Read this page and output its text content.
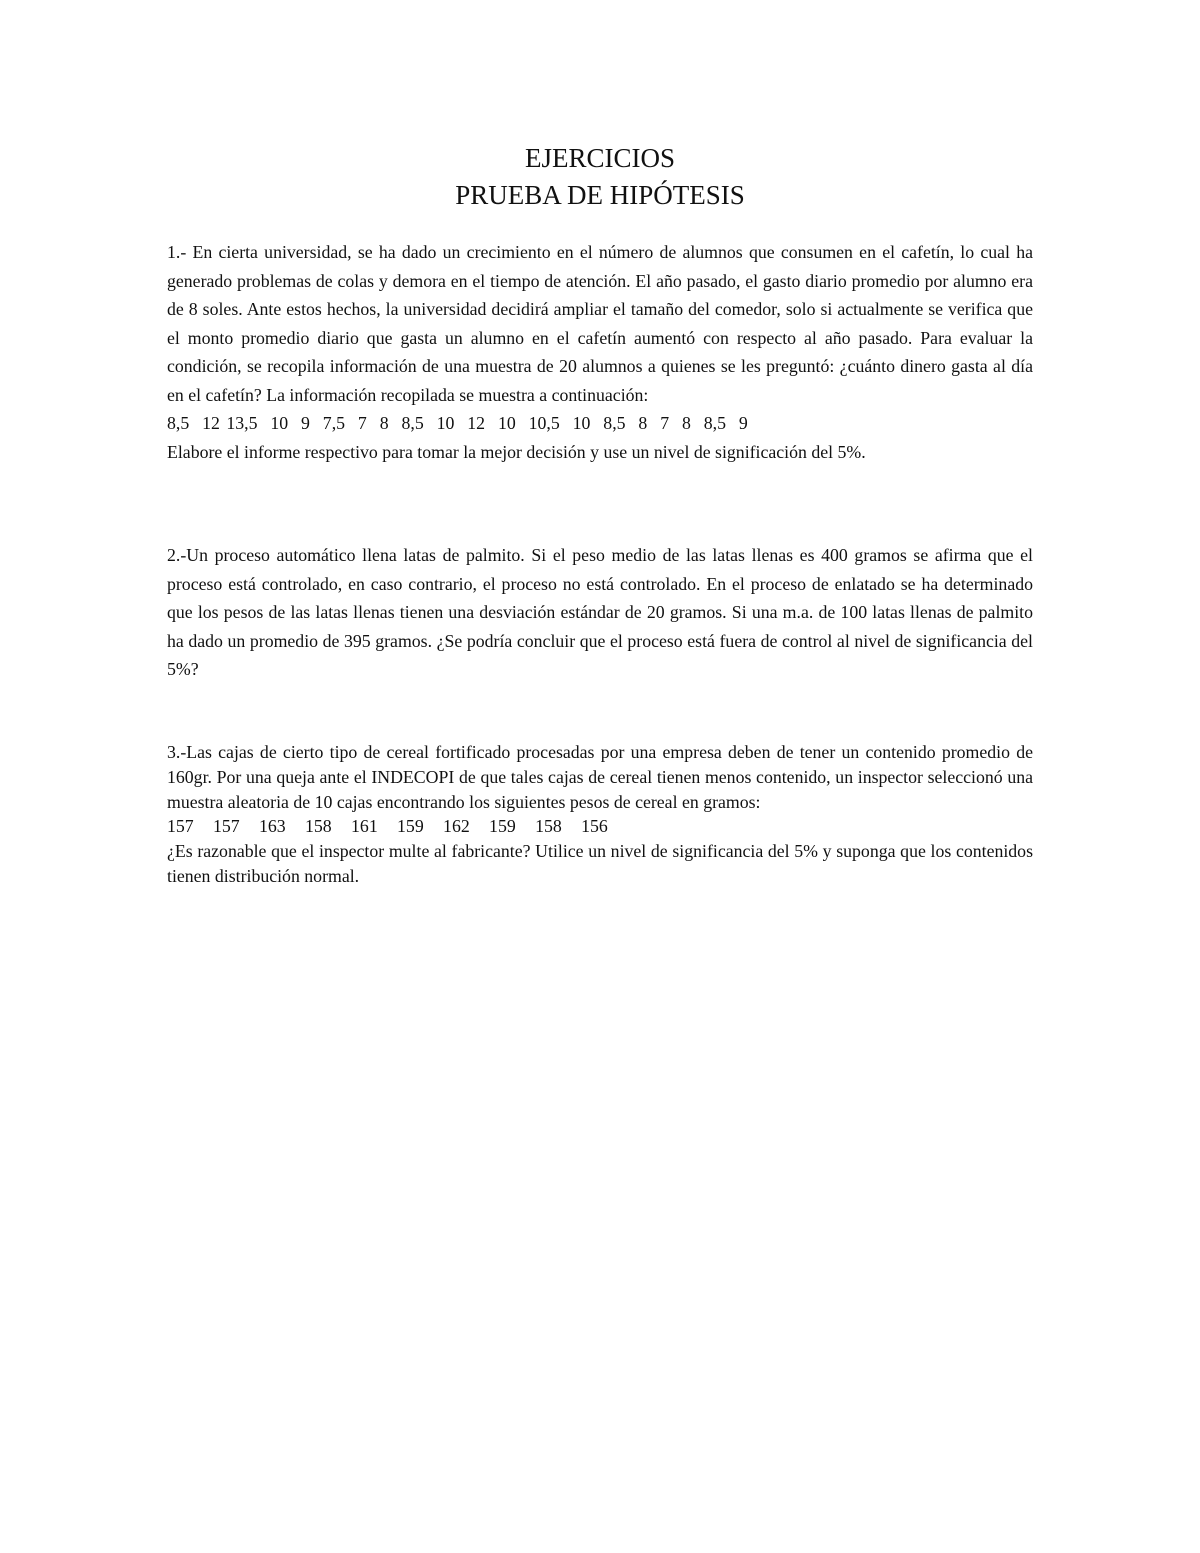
EJERCICIOS
PRUEBA DE HIPÓTESIS
1.- En cierta universidad, se ha dado un crecimiento en el número de alumnos que consumen en el cafetín, lo cual ha generado problemas de colas y demora en el tiempo de atención. El año pasado, el gasto diario promedio por alumno era de 8 soles. Ante estos hechos, la universidad decidirá ampliar el tamaño del comedor, solo si actualmente se verifica que el monto promedio diario que gasta un alumno en el cafetín aumentó con respecto al año pasado. Para evaluar la condición, se recopila información de una muestra de 20 alumnos a quienes se les preguntó: ¿cuánto dinero gasta al día en el cafetín? La información recopilada se muestra a continuación:
8,5  12 13,5  10  9  7,5  7  8  8,5  10  12  10  10,5  10  8,5  8  7  8  8,5  9
Elabore el informe respectivo para tomar la mejor decisión y use un nivel de significación del 5%.
2.-Un proceso automático llena latas de palmito. Si el peso medio de las latas llenas es 400 gramos se afirma que el proceso está controlado, en caso contrario, el proceso no está controlado. En el proceso de enlatado se ha determinado que los pesos de las latas llenas tienen una desviación estándar de 20 gramos. Si una m.a. de 100 latas llenas de palmito ha dado un promedio de 395 gramos. ¿Se podría concluir que el proceso está fuera de control al nivel de significancia del 5%?
3.-Las cajas de cierto tipo de cereal fortificado procesadas por una empresa deben de tener un contenido promedio de 160gr. Por una queja ante el INDECOPI de que tales cajas de cereal tienen menos contenido, un inspector seleccionó una muestra aleatoria de 10 cajas encontrando los siguientes pesos de cereal en gramos:
157   157   163   158   161   159   162   159   158   156
¿Es razonable que el inspector multe al fabricante? Utilice un nivel de significancia del 5% y suponga que los contenidos tienen distribución normal.
